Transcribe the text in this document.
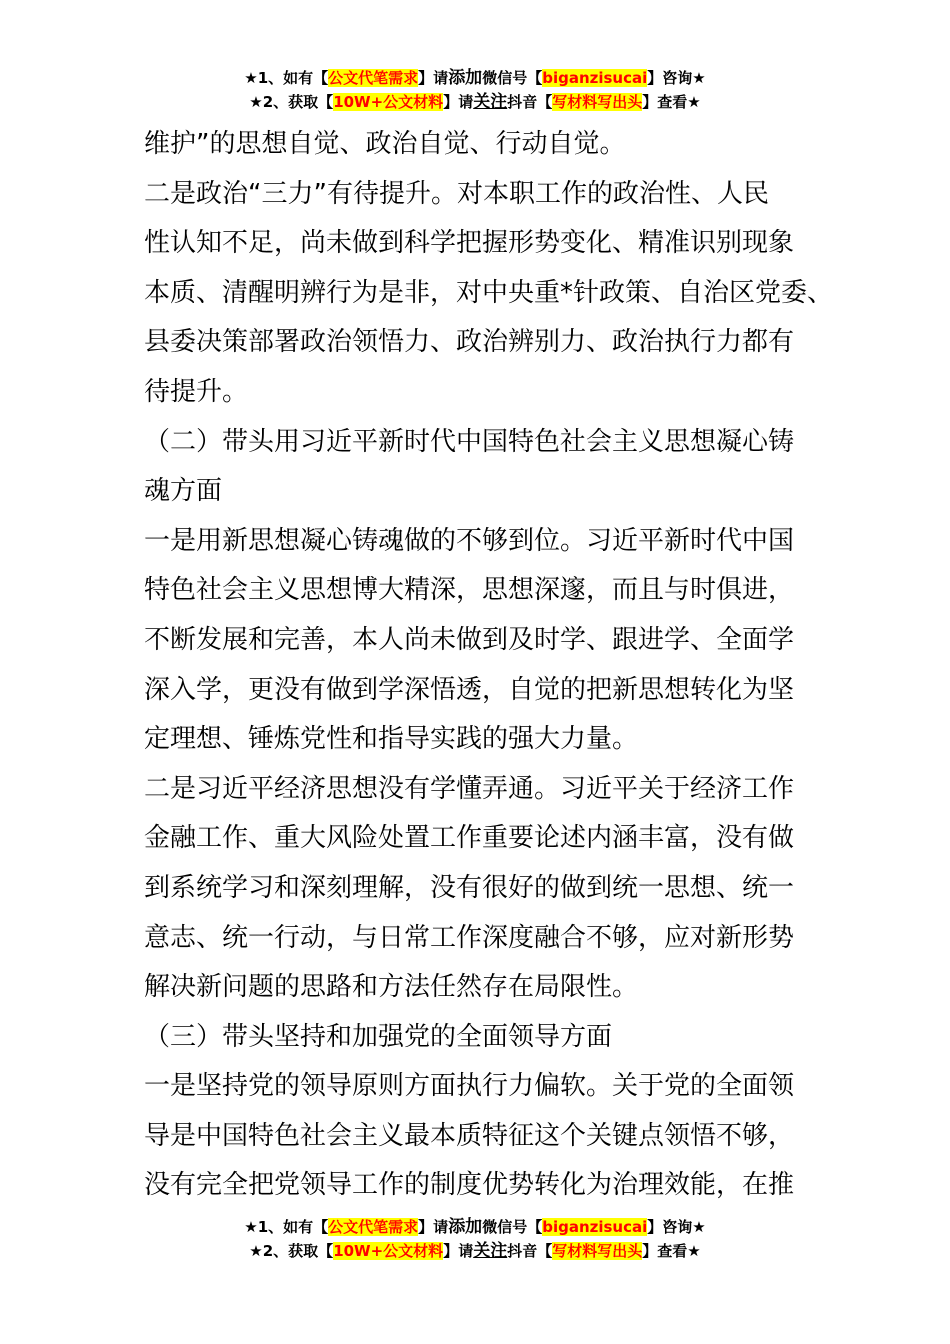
★1、如有【公文代笔需求】请添加微信号【biganzisucai】咨询★
★2、获取【10W+公文材料】请关注抖音【写材料写出头】查看★

维护”的思想自觉、政治自觉、行动自觉。

二是政治“三力”有待提升。对本职工作的政治性、人民

性认知不足，尚未做到科学把握形势变化、精准识别现象

本质、清醒明辨行为是非，对中央重*针政策、自治区党委、

县委决策部署政治领悟力、政治辨别力、政治执行力都有

待提升。

（二）带头用习近平新时代中国特色社会主义思想凝心铸

魂方面

一是用新思想凝心铸魂做的不够到位。习近平新时代中国

特色社会主义思想博大精深，思想深邃，而且与时俱进，

不断发展和完善，本人尚未做到及时学、跟进学、全面学

深入学，更没有做到学深悟透，自觉的把新思想转化为坚

定理想、锤炼党性和指导实践的强大力量。

二是习近平经济思想没有学懂弄通。习近平关于经济工作

金融工作、重大风险处置工作重要论述内涵丰富，没有做

到系统学习和深刻理解，没有很好的做到统一思想、统一

意志、统一行动，与日常工作深度融合不够，应对新形势

解决新问题的思路和方法任然存在局限性。

（三）带头坚持和加强党的全面领导方面

一是坚持党的领导原则方面执行力偏软。关于党的全面领

导是中国特色社会主义最本质特征这个关键点领悟不够，

没有完全把党领导工作的制度优势转化为治理效能，在推

★1、如有【公文代笔需求】请添加微信号【biganzisucai】咨询★
★2、获取【10W+公文材料】请关注抖音【写材料写出头】查看★
